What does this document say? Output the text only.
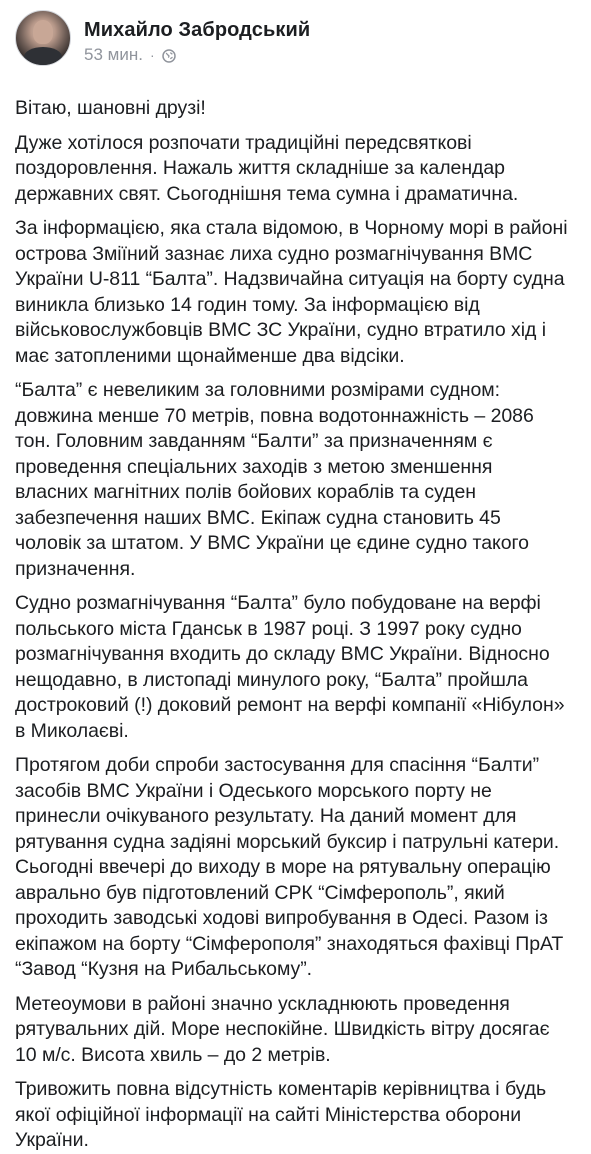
Михайло Забродський
53 мин. ·

Вітаю, шановні друзі!

Дуже хотілося розпочати традиційні передсвяткові поздоровлення. Нажаль життя складніше за календар державних свят. Сьогоднішня тема сумна і драматична.

За інформацією, яка стала відомою, в Чорному морі в районі острова Зміїний зазнає лиха судно розмагнічування ВМС України U-811 “Балта”. Надзвичайна ситуація на борту судна виникла близько 14 годин тому. За інформацією від військовослужбовців ВМС ЗС України, судно втратило хід і має затопленими щонайменше два відсіки.

“Балта” є невеликим за головними розмірами судном: довжина менше 70 метрів, повна водотоннажність – 2086 тон. Головним завданням “Балти” за призначенням є проведення спеціальних заходів з метою зменшення власних магнітних полів бойових кораблів та суден забезпечення наших ВМС. Екіпаж судна становить 45 чоловік за штатом. У ВМС України це єдине судно такого призначення.

Судно розмагнічування “Балта” було побудоване на верфі польського міста Гданськ в 1987 році. З 1997 року судно розмагнічування входить до складу ВМС України. Відносно нещодавно, в листопаді минулого року, “Балта” пройшла достроковий (!) доковий ремонт на верфі компанії «Нібулон» в Миколаєві.

Протягом доби спроби застосування для спасіння “Балти” засобів ВМС України і Одеського морського порту не принесли очікуваного результату. На даний момент для рятування судна задіяні морський буксир і патрульні катери. Сьогодні ввечері до виходу в море на рятувальну операцію аврально був підготовлений СРК “Сімферополь”, який проходить заводські ходові випробування в Одесі. Разом із екіпажом на борту “Сімферополя” знаходяться фахівці ПрАТ “Завод “Кузня на Рибальському”.

Метеоумови в районі значно ускладнюють проведення рятувальних дій. Море неспокійне. Швидкість вітру досягає 10 м/с. Висота хвиль – до 2 метрів.

Тривожить повна відсутність коментарів керівництва і будь якої офіційної інформації на сайті Міністерства оборони України.
